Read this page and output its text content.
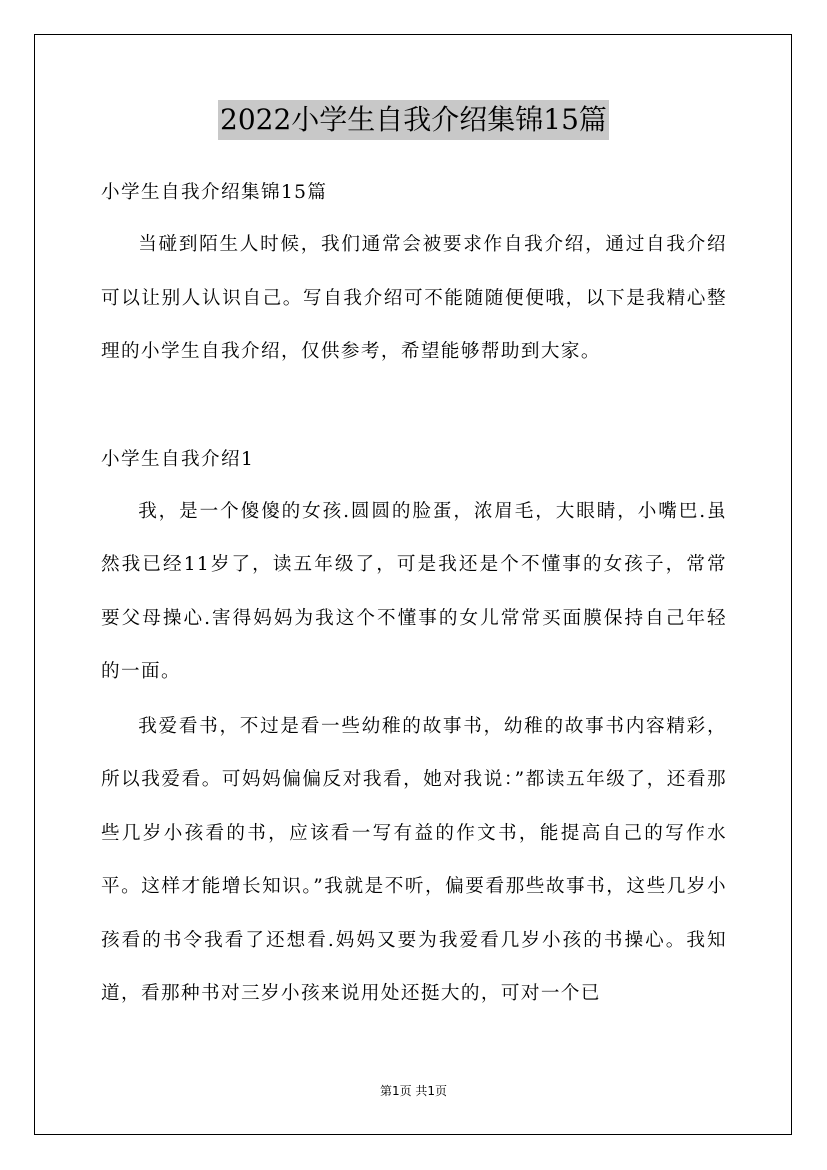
2022小学生自我介绍集锦15篇
小学生自我介绍集锦15篇

当碰到陌生人时候，我们通常会被要求作自我介绍，通过自我介绍可以让别人认识自己。写自我介绍可不能随随便便哦，以下是我精心整理的小学生自我介绍，仅供参考，希望能够帮助到大家。

小学生自我介绍1

我，是一个傻傻的女孩.圆圆的脸蛋，浓眉毛，大眼睛，小嘴巴.虽然我已经11岁了，读五年级了，可是我还是个不懂事的女孩子，常常要父母操心.害得妈妈为我这个不懂事的女儿常常买面膜保持自己年轻的一面。

我爱看书，不过是看一些幼稚的故事书，幼稚的故事书内容精彩，所以我爱看。可妈妈偏偏反对我看，她对我说：”都读五年级了，还看那些几岁小孩看的书，应该看一写有益的作文书，能提高自己的写作水平。这样才能增长知识。”我就是不听，偏要看那些故事书，这些几岁小孩看的书令我看了还想看.妈妈又要为我爱看几岁小孩的书操心。我知道，看那种书对三岁小孩来说用处还挺大的，可对一个已

第1页 共1页
